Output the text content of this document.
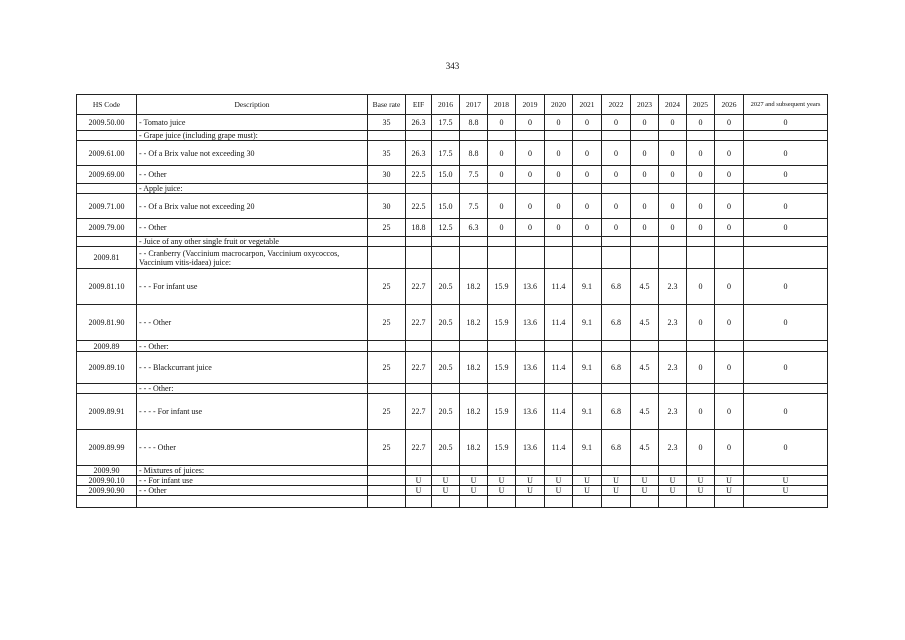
343
HS Code	Description	Base rate	EIF	2016	2017	2018	2019	2020	2021	2022	2023	2024	2025	2026	2027 and subsequent years
2009.50.00	- Tomato juice	35	26.3	17.5	8.8	0	0	0	0	0	0	0	0	0	0
	- Grape juice (including grape must):														
2009.61.00	- - Of a Brix value not exceeding 30	35	26.3	17.5	8.8	0	0	0	0	0	0	0	0	0	0
2009.69.00	- - Other	30	22.5	15.0	7.5	0	0	0	0	0	0	0	0	0	0
	- Apple juice:														
2009.71.00	- - Of a Brix value not exceeding 20	30	22.5	15.0	7.5	0	0	0	0	0	0	0	0	0	0
2009.79.00	- - Other	25	18.8	12.5	6.3	0	0	0	0	0	0	0	0	0	0
	- Juice of any other single fruit or vegetable														
2009.81	- - Cranberry (Vaccinium macrocarpon, Vaccinium oxycoccos, Vaccinium vitis-idaea) juice:														
2009.81.10	- - - For infant use	25	22.7	20.5	18.2	15.9	13.6	11.4	9.1	6.8	4.5	2.3	0	0	0
2009.81.90	- - - Other	25	22.7	20.5	18.2	15.9	13.6	11.4	9.1	6.8	4.5	2.3	0	0	0
2009.89	- - Other:														
2009.89.10	- - - Blackcurrant juice	25	22.7	20.5	18.2	15.9	13.6	11.4	9.1	6.8	4.5	2.3	0	0	0
	- - - Other:														
2009.89.91	- - - - For infant use	25	22.7	20.5	18.2	15.9	13.6	11.4	9.1	6.8	4.5	2.3	0	0	0
2009.89.99	- - - - Other	25	22.7	20.5	18.2	15.9	13.6	11.4	9.1	6.8	4.5	2.3	0	0	0
2009.90	- Mixtures of juices:														
2009.90.10	- - For infant use		U	U	U	U	U	U	U	U	U	U	U	U	U
2009.90.90	- - Other		U	U	U	U	U	U	U	U	U	U	U	U	U
